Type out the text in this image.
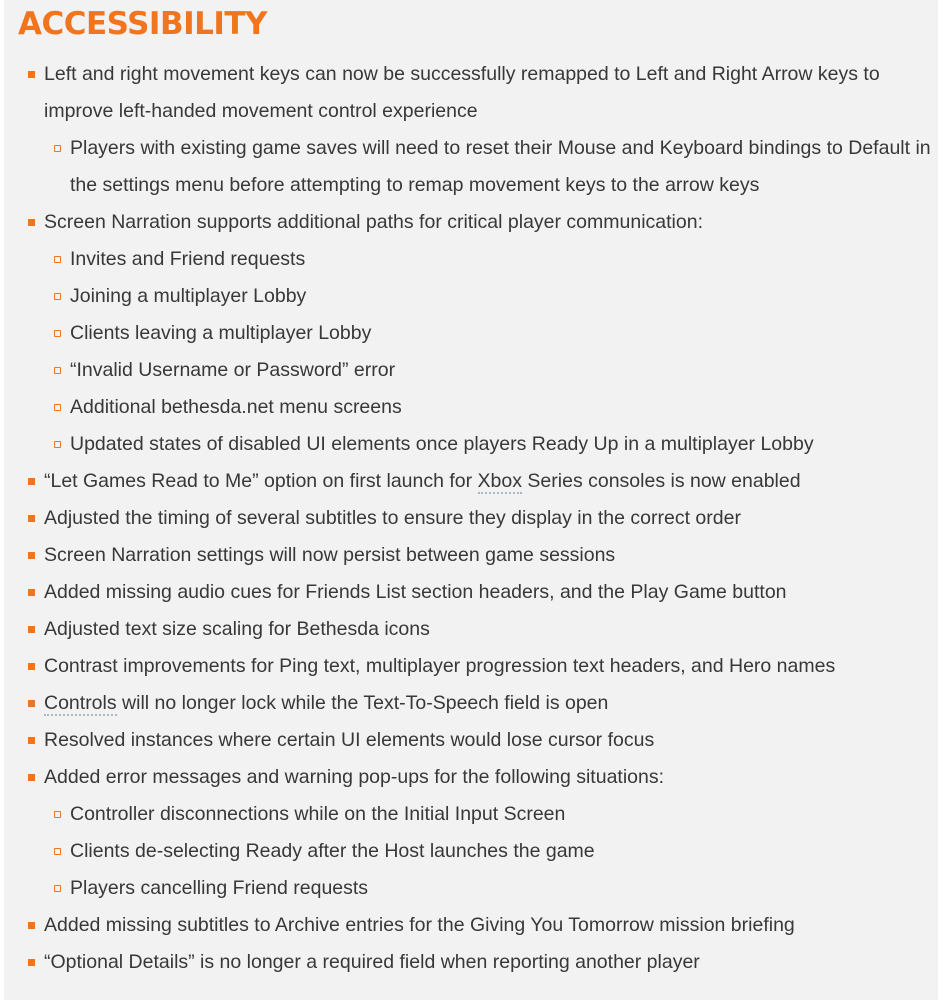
ACCESSIBILITY
Left and right movement keys can now be successfully remapped to Left and Right Arrow keys to improve left-handed movement control experience
Players with existing game saves will need to reset their Mouse and Keyboard bindings to Default in the settings menu before attempting to remap movement keys to the arrow keys
Screen Narration supports additional paths for critical player communication:
Invites and Friend requests
Joining a multiplayer Lobby
Clients leaving a multiplayer Lobby
“Invalid Username or Password” error
Additional bethesda.net menu screens
Updated states of disabled UI elements once players Ready Up in a multiplayer Lobby
“Let Games Read to Me” option on first launch for Xbox Series consoles is now enabled
Adjusted the timing of several subtitles to ensure they display in the correct order
Screen Narration settings will now persist between game sessions
Added missing audio cues for Friends List section headers, and the Play Game button
Adjusted text size scaling for Bethesda icons
Contrast improvements for Ping text, multiplayer progression text headers, and Hero names
Controls will no longer lock while the Text-To-Speech field is open
Resolved instances where certain UI elements would lose cursor focus
Added error messages and warning pop-ups for the following situations:
Controller disconnections while on the Initial Input Screen
Clients de-selecting Ready after the Host launches the game
Players cancelling Friend requests
Added missing subtitles to Archive entries for the Giving You Tomorrow mission briefing
“Optional Details” is no longer a required field when reporting another player
